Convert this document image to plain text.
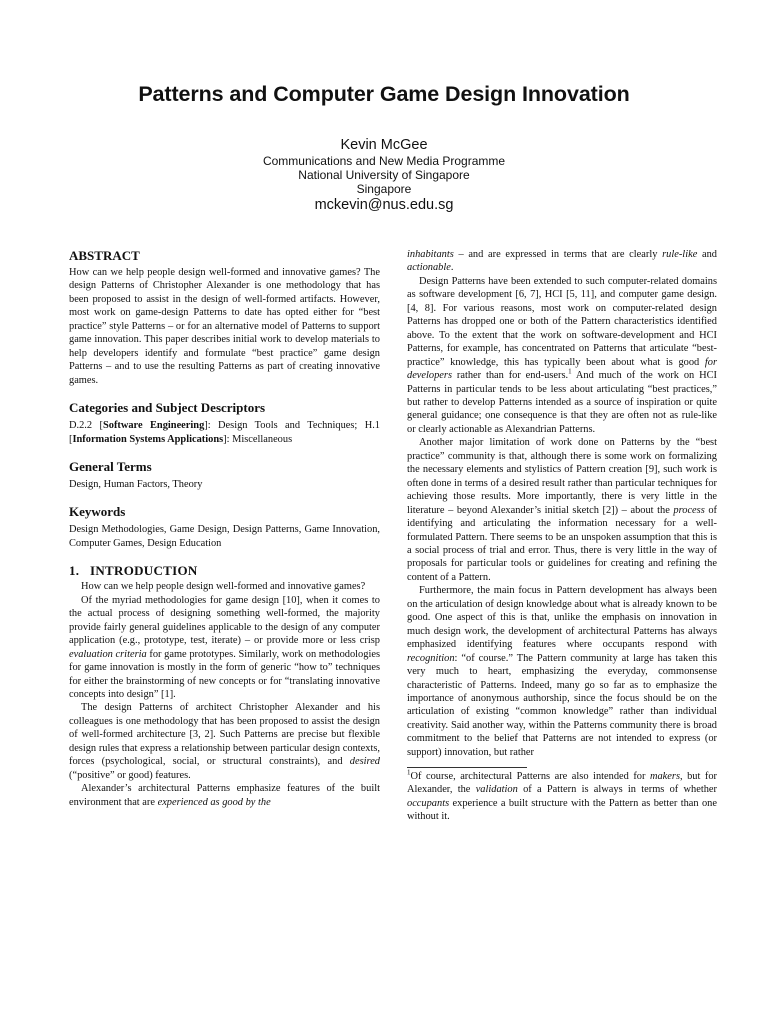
Patterns and Computer Game Design Innovation
Kevin McGee
Communications and New Media Programme
National University of Singapore
Singapore
mckevin@nus.edu.sg
ABSTRACT

How can we help people design well-formed and innovative games? The design Patterns of Christopher Alexander is one methodology that has been proposed to assist in the design of well-formed artifacts. However, most work on game-design Patterns to date has opted either for “best practice” style Patterns – or for an alternative model of Patterns to support game innovation. This paper describes initial work to develop materials to help developers identify and formulate “best practice” game design Patterns – and to use the resulting Patterns as part of creating innovative games.

Categories and Subject Descriptors

D.2.2 [Software Engineering]: Design Tools and Techniques; H.1 [Information Systems Applications]: Miscellaneous

General Terms

Design, Human Factors, Theory

Keywords

Design Methodologies, Game Design, Design Patterns, Game Innovation, Computer Games, Design Education

1.   INTRODUCTION

How can we help people design well-formed and innovative games?

Of the myriad methodologies for game design [10], when it comes to the actual process of designing something well-formed, the majority provide fairly general guidelines applicable to the design of any computer application (e.g., prototype, test, iterate) – or provide more or less crisp evaluation criteria for game prototypes. Similarly, work on methodologies for game innovation is mostly in the form of generic “how to” techniques for either the brainstorming of new concepts or for “translating innovative concepts into design” [1].

The design Patterns of architect Christopher Alexander and his colleagues is one methodology that has been proposed to assist the design of well-formed architecture [3, 2]. Such Patterns are precise but flexible design rules that express a relationship between particular design contexts, forces (psychological, social, or structural constraints), and desired (“positive” or good) features.

Alexander’s architectural Patterns emphasize features of the built environment that are experienced as good by the

inhabitants – and are expressed in terms that are clearly rule-like and actionable.

Design Patterns have been extended to such computer-related domains as software development [6, 7], HCI [5, 11], and computer game design. [4, 8]. For various reasons, most work on computer-related design Patterns has dropped one or both of the Pattern characteristics identified above. To the extent that the work on software-development and HCI Patterns, for example, has concentrated on Patterns that articulate “best-practice” knowledge, this has typically been about what is good for developers rather than for end-users.$^1$ And much of the work on HCI Patterns in particular tends to be less about articulating “best practices,” but rather to develop Patterns intended as a source of inspiration or quite general guidance; one consequence is that they are often not as rule-like or clearly actionable as Alexandrian Patterns.

Another major limitation of work done on Patterns by the “best practice” community is that, although there is some work on formalizing the necessary elements and stylistics of Pattern creation [9], such work is often done in terms of a desired result rather than particular techniques for achieving those results. More importantly, there is very little in the literature – beyond Alexander’s initial sketch [2]) – about the process of identifying and articulating the information necessary for a well-formulated Pattern. There seems to be an unspoken assumption that this is a social process of trial and error. Thus, there is very little in the way of proposals for particular tools or guidelines for creating and refining the content of a Pattern.

Furthermore, the main focus in Pattern development has always been on the articulation of design knowledge about what is already known to be good. One aspect of this is that, unlike the emphasis on innovation in much design work, the development of architectural Patterns has always emphasized identifying features where occupants respond with recognition: “of course.” The Pattern community at large has taken this very much to heart, emphasizing the everyday, commonsense characteristic of Patterns. Indeed, many go so far as to emphasize the importance of anonymous authorship, since the focus should be on the articulation of existing “common knowledge” rather than individual creativity. Said another way, within the Patterns community there is broad commitment to the belief that Patterns are not intended to express (or support) innovation, but rather

$^1$Of course, architectural Patterns are also intended for makers, but for Alexander, the validation of a Pattern is always in terms of whether occupants experience a built structure with the Pattern as better than one without it.
